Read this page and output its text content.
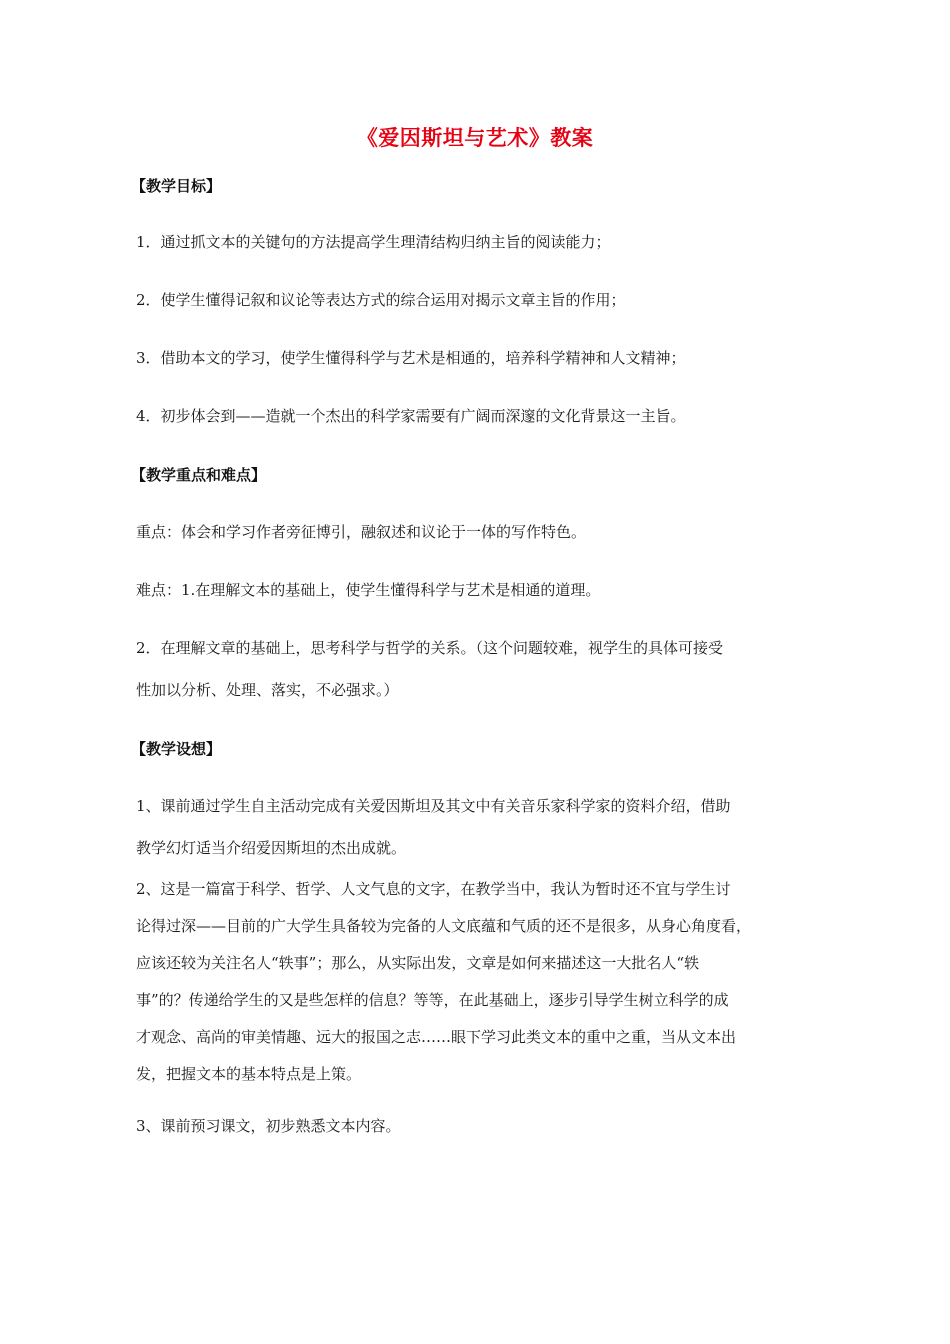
《爱因斯坦与艺术》教案
【教学目标】
1．通过抓文本的关键句的方法提高学生理清结构归纳主旨的阅读能力；
2．使学生懂得记叙和议论等表达方式的综合运用对揭示文章主旨的作用；
3．借助本文的学习，使学生懂得科学与艺术是相通的，培养科学精神和人文精神；
4．初步体会到——造就一个杰出的科学家需要有广阔而深邃的文化背景这一主旨。
【教学重点和难点】
重点：体会和学习作者旁征博引，融叙述和议论于一体的写作特色。
难点：1.在理解文本的基础上，使学生懂得科学与艺术是相通的道理。
2．在理解文章的基础上，思考科学与哲学的关系。（这个问题较难，视学生的具体可接受
性加以分析、处理、落实，不必强求。）
【教学设想】
1、课前通过学生自主活动完成有关爱因斯坦及其文中有关音乐家科学家的资料介绍，借助
教学幻灯适当介绍爱因斯坦的杰出成就。
2、这是一篇富于科学、哲学、人文气息的文字，在教学当中，我认为暂时还不宜与学生讨
论得过深——目前的广大学生具备较为完备的人文底蕴和气质的还不是很多，从身心角度看，
应该还较为关注名人“轶事”；那么，从实际出发，文章是如何来描述这一大批名人“轶
事”的？传递给学生的又是些怎样的信息？等等，在此基础上，逐步引导学生树立科学的成
才观念、高尚的审美情趣、远大的报国之志……眼下学习此类文本的重中之重，当从文本出
发，把握文本的基本特点是上策。
3、课前预习课文，初步熟悉文本内容。
